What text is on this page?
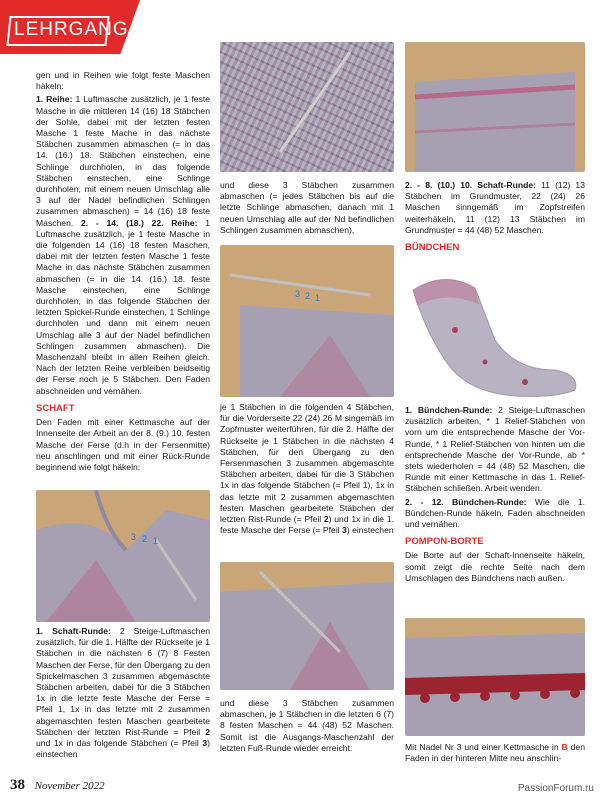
LEHRGANG

gen und in Reihen wie folgt feste Maschen häkeln:

1. Reihe: 1 Luftmasche zusätzlich, je 1 feste Masche in die mittleren 14 (16) 18 Stäbchen der Sohle, dabei mit der letzten festen Masche 1 feste Mache in das nächste Stäbchen zusammen abmaschen (= in das 14. (16.) 18. Stäbchen einstechen, eine Schlinge durchholen, in das folgende Stäbchen einstechen, eine Schlinge durchholen, mit einem neuen Umschlag alle 3 auf der Nadel befindlichen Schlingen zusammen abmaschen) = 14 (16) 18 feste Maschen. 2. - 14. (18.) 22. Reihe: 1 Luftmasche zusätzlich, je 1 feste Masche in die folgenden 14 (16) 18 festen Maschen, dabei mit der letzten festen Masche 1 feste Mache in das nächste Stäbchen zusammen abmaschen (= in die 14. (16.) 18. feste Masche einstechen, eine Schlinge durchholen, in das folgende Stäbchen der letzten Spickel-Runde einstechen, 1 Schlinge durchholen und dann mit einem neuen Umschlag alle 3 auf der Nadel befindlichen Schlingen zusammen abmaschen). Die Maschenzahl bleibt in allen Reihen gleich. Nach der letzten Reihe verbleiben beidseitig der Ferse noch je 5 Stäbchen. Den Faden abschneiden und vernähen.

SCHAFT

Den Faden mit einer Kettmasche auf der Innenseite der Arbeit an der 8. (9.) 10. festen Masche der Ferse (d.h in der Fersenmitte) neu anschlingen und mit einer Rück-Runde beginnend wie folgt häkeln:

3 2 1

1. Schaft-Runde: 2 Steige-Luftmaschen zusätzlich, für die 1. Hälfte der Rückseite je 1 Stäbchen in die nächsten 6 (7) 8 Festen Maschen der Ferse, für den Übergang zu den Spickelmaschen 3 zusammen abgemaschte Stäbchen arbeiten, dabei für die 3 Stäbchen 1x in die letzte feste Masche der Ferse = Pfeil 1, 1x in das letzte mit 2 zusammen abgemaschten festen Maschen gearbeitete Stäbchen der letzten Rist-Runde = Pfeil 2 und 1x in das folgende Stäbchen (= Pfeil 3) einstechen

und diese 3 Stäbchen zusammen abmaschen (= jedes Stäbchen bis auf die letzte Schlinge abmaschen, danach mit 1 neuen Umschlag alle auf der Nd befindlichen Schlingen zusammen abmaschen),

3 2 1

je 1 Stäbchen in die folgenden 4 Stäbchen, für die Vorderseite 22 (24) 26 M singemäß im Zopfmuster weiterführen, für die 2. Hälfte der Rückseite je 1 Stäbchen in die nächsten 4 Stäbchen, für den Übergang zu den Fersenmaschen 3 zusammen abgemaschte Stäbchen arbeiten, dabei für die 3 Stäbchen 1x in das folgende Stäbchen (= Pfeil 1), 1x in das letzte mit 2 zusammen abgemaschten festen Maschen gearbeitete Stäbchen der letzten Rist-Runde (= Pfeil 2) und 1x in die 1. feste Masche der Ferse (= Pfeil 3) einstechen

und diese 3 Stäbchen zusammen abmaschen, je 1 Stäbchen in die letzten 6 (7) 8 festen Maschen = 44 (48) 52 Maschen. Somit ist die Ausgangs-Maschenzahl der letzten Fuß-Runde wieder erreicht.

2. - 8. (10.) 10. Schaft-Runde: 11 (12) 13 Stäbchen im Grundmuster, 22 (24) 26 Maschen sinngemäß im Zopfstreifen weiterhäkeln, 11 (12) 13 Stäbchen im Grundmuster = 44 (48) 52 Maschen.

BÜNDCHEN

1. Bündchen-Runde: 2 Steige-Luftmaschen zusätzlich arbeiten, * 1 Relief-Stäbchen von vorn um die entsprechende Masche der Vor-Runde, * 1 Relief-Stäbchen von hinten um die entsprechende Masche der Vor-Runde, ab * stets wiederholen = 44 (48) 52 Maschen, die Runde mit einer Kettmasche in das 1. Relief-Stäbchen schließen. Arbeit wenden.

2. - 12. Bündchen-Runde: Wie die 1. Bündchen-Runde häkeln. Faden abschneiden und vernähen.

POMPON-BORTE

Die Borte auf der Schaft-Innenseite häkeln, somit zeigt die rechte Seite nach dem Umschlagen des Bündchens nach außen.

Mit Nadel Nr 3 und einer Kettmasche in B den Faden in der hinteren Mitte neu anschlin-

38 November 2022	PassionForum.ru
